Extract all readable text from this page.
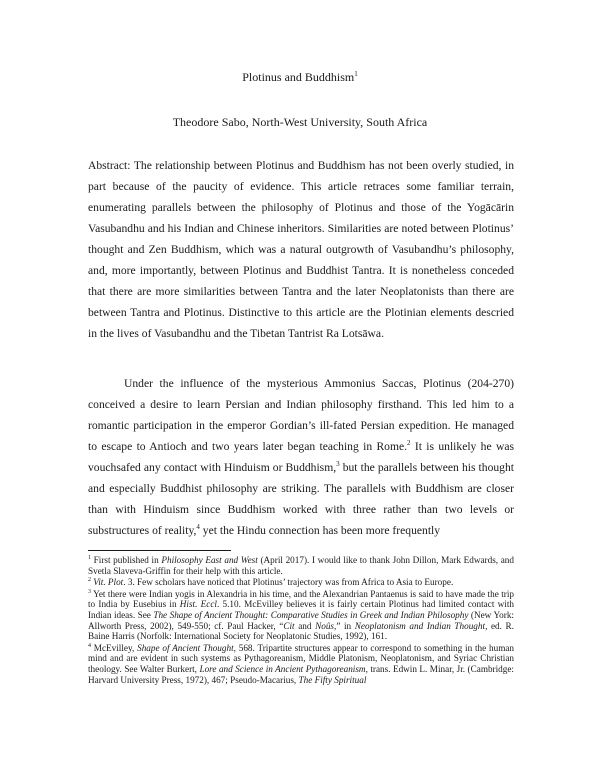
Plotinus and Buddhism$^1$
Theodore Sabo, North-West University, South Africa

Abstract: The relationship between Plotinus and Buddhism has not been overly studied, in part because of the paucity of evidence. This article retraces some familiar terrain, enumerating parallels between the philosophy of Plotinus and those of the Yogācārin Vasubandhu and his Indian and Chinese inheritors. Similarities are noted between Plotinus’ thought and Zen Buddhism, which was a natural outgrowth of Vasubandhu’s philosophy, and, more importantly, between Plotinus and Buddhist Tantra. It is nonetheless conceded that there are more similarities between Tantra and the later Neoplatonists than there are between Tantra and Plotinus. Distinctive to this article are the Plotinian elements descried in the lives of Vasubandhu and the Tibetan Tantrist Ra Lotsāwa.

Under the influence of the mysterious Ammonius Saccas, Plotinus (204-270) conceived a desire to learn Persian and Indian philosophy firsthand. This led him to a romantic participation in the emperor Gordian’s ill-fated Persian expedition. He managed to escape to Antioch and two years later began teaching in Rome.$^2$ It is unlikely he was vouchsafed any contact with Hinduism or Buddhism,$^3$ but the parallels between his thought and especially Buddhist philosophy are striking. The parallels with Buddhism are closer than with Hinduism since Buddhism worked with three rather than two levels or substructures of reality,$^4$ yet the Hindu connection has been more frequently

$^1$ First published in Philosophy East and West (April 2017). I would like to thank John Dillon, Mark Edwards, and Svetla Slaveva-Griffin for their help with this article.

$^2$ Vit. Plot. 3. Few scholars have noticed that Plotinus’ trajectory was from Africa to Asia to Europe.

$^3$ Yet there were Indian yogis in Alexandria in his time, and the Alexandrian Pantaenus is said to have made the trip to India by Eusebius in Hist. Eccl. 5.10. McEvilley believes it is fairly certain Plotinus had limited contact with Indian ideas. See The Shape of Ancient Thought: Comparative Studies in Greek and Indian Philosophy (New York: Allworth Press, 2002), 549-550; cf. Paul Hacker, “Cit and Noûs,” in Neoplatonism and Indian Thought, ed. R. Baine Harris (Norfolk: International Society for Neoplatonic Studies, 1992), 161.

$^4$ McEvilley, Shape of Ancient Thought, 568. Tripartite structures appear to correspond to something in the human mind and are evident in such systems as Pythagoreanism, Middle Platonism, Neoplatonism, and Syriac Christian theology. See Walter Burkert, Lore and Science in Ancient Pythagoreanism, trans. Edwin L. Minar, Jr. (Cambridge: Harvard University Press, 1972), 467; Pseudo-Macarius, The Fifty Spiritual
